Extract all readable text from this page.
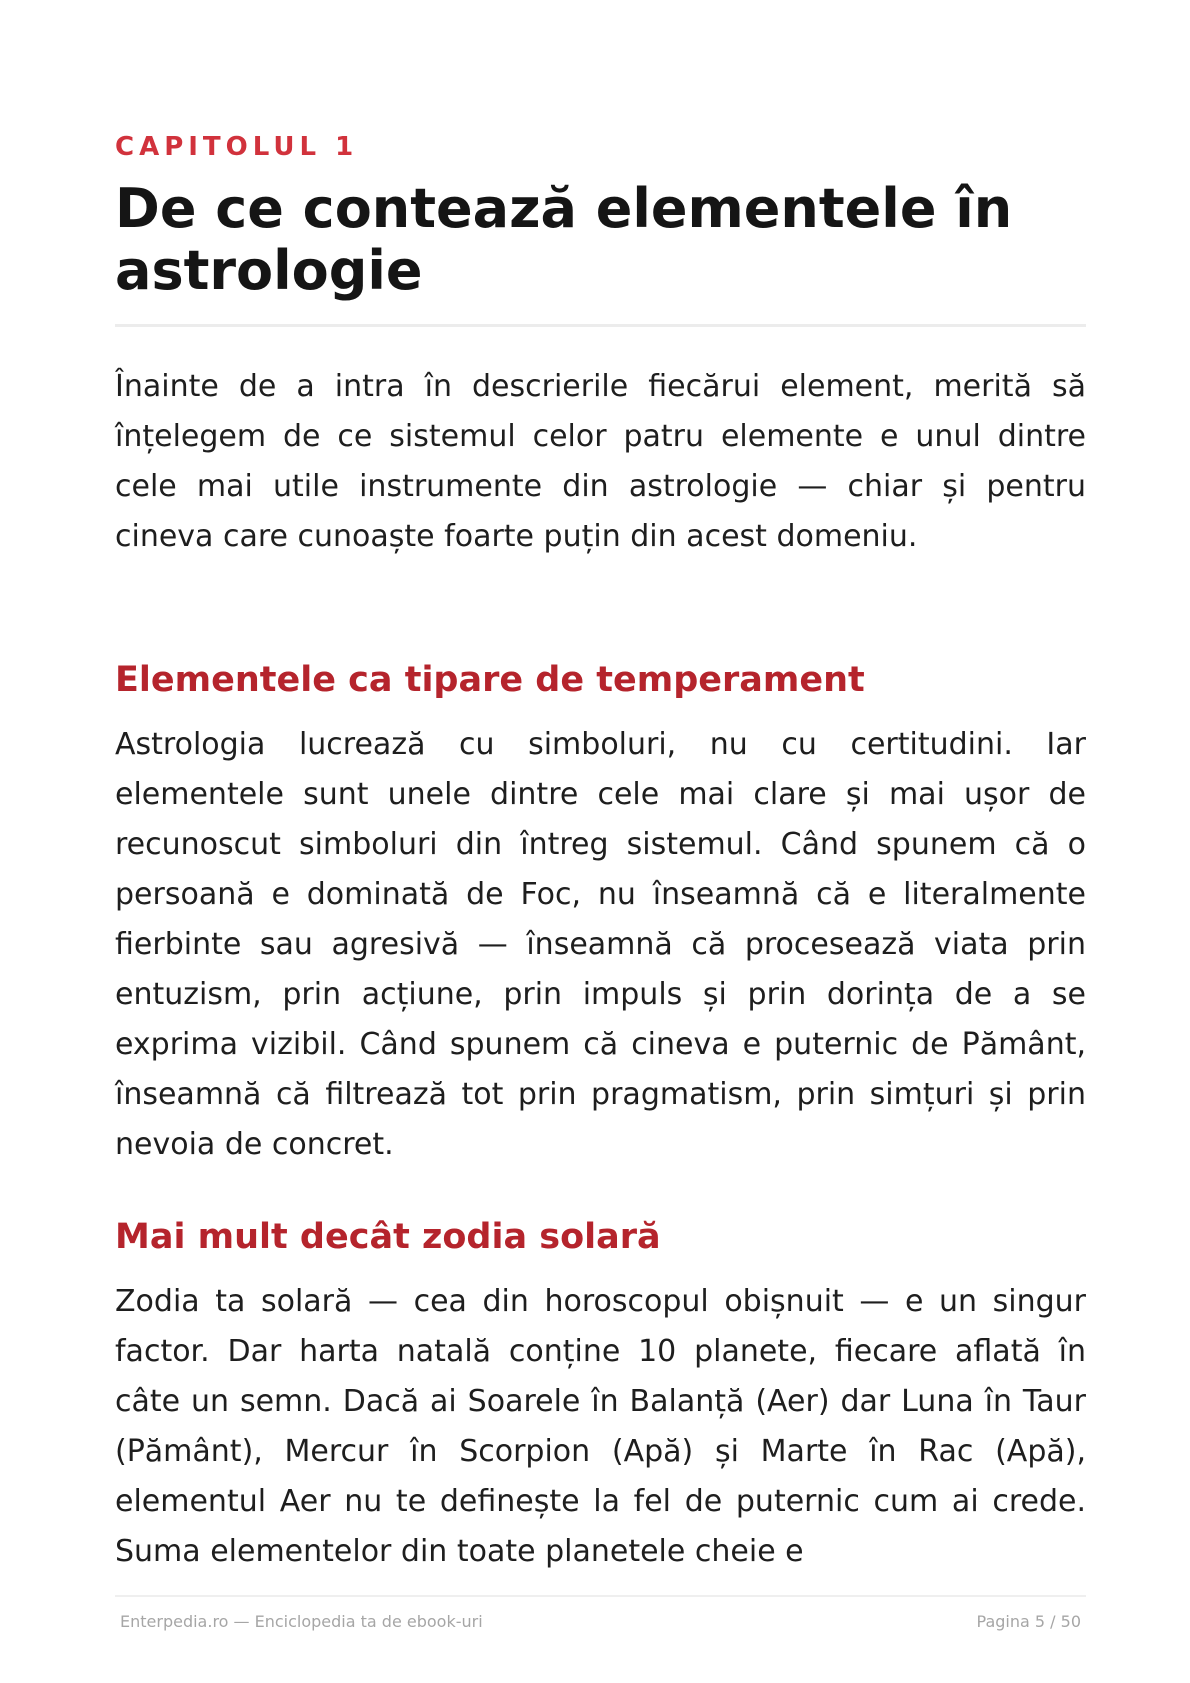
CAPITOLUL 1
De ce contează elementele în astrologie

Înainte de a intra în descrierile fiecărui element, merită să înțelegem de ce sistemul celor patru elemente e unul dintre cele mai utile instrumente din astrologie — chiar și pentru cineva care cunoaște foarte puțin din acest domeniu.

Elementele ca tipare de temperament

Astrologia lucrează cu simboluri, nu cu certitudini. Iar elementele sunt unele dintre cele mai clare și mai ușor de recunoscut simboluri din întreg sistemul. Când spunem că o persoană e dominată de Foc, nu înseamnă că e literalmente fierbinte sau agresivă — înseamnă că procesează viata prin entuzism, prin acțiune, prin impuls și prin dorința de a se exprima vizibil. Când spunem că cineva e puternic de Pământ, înseamnă că filtrează tot prin pragmatism, prin simțuri și prin nevoia de concret.

Mai mult decât zodia solară

Zodia ta solară — cea din horoscopul obișnuit — e un singur factor. Dar harta natală conține 10 planete, fiecare aflată în câte un semn. Dacă ai Soarele în Balanță (Aer) dar Luna în Taur (Pământ), Mercur în Scorpion (Apă) și Marte în Rac (Apă), elementul Aer nu te definește la fel de puternic cum ai crede. Suma elementelor din toate planetele cheie e

Enterpedia.ro — Enciclopedia ta de ebook-uri	Pagina 5 / 50
